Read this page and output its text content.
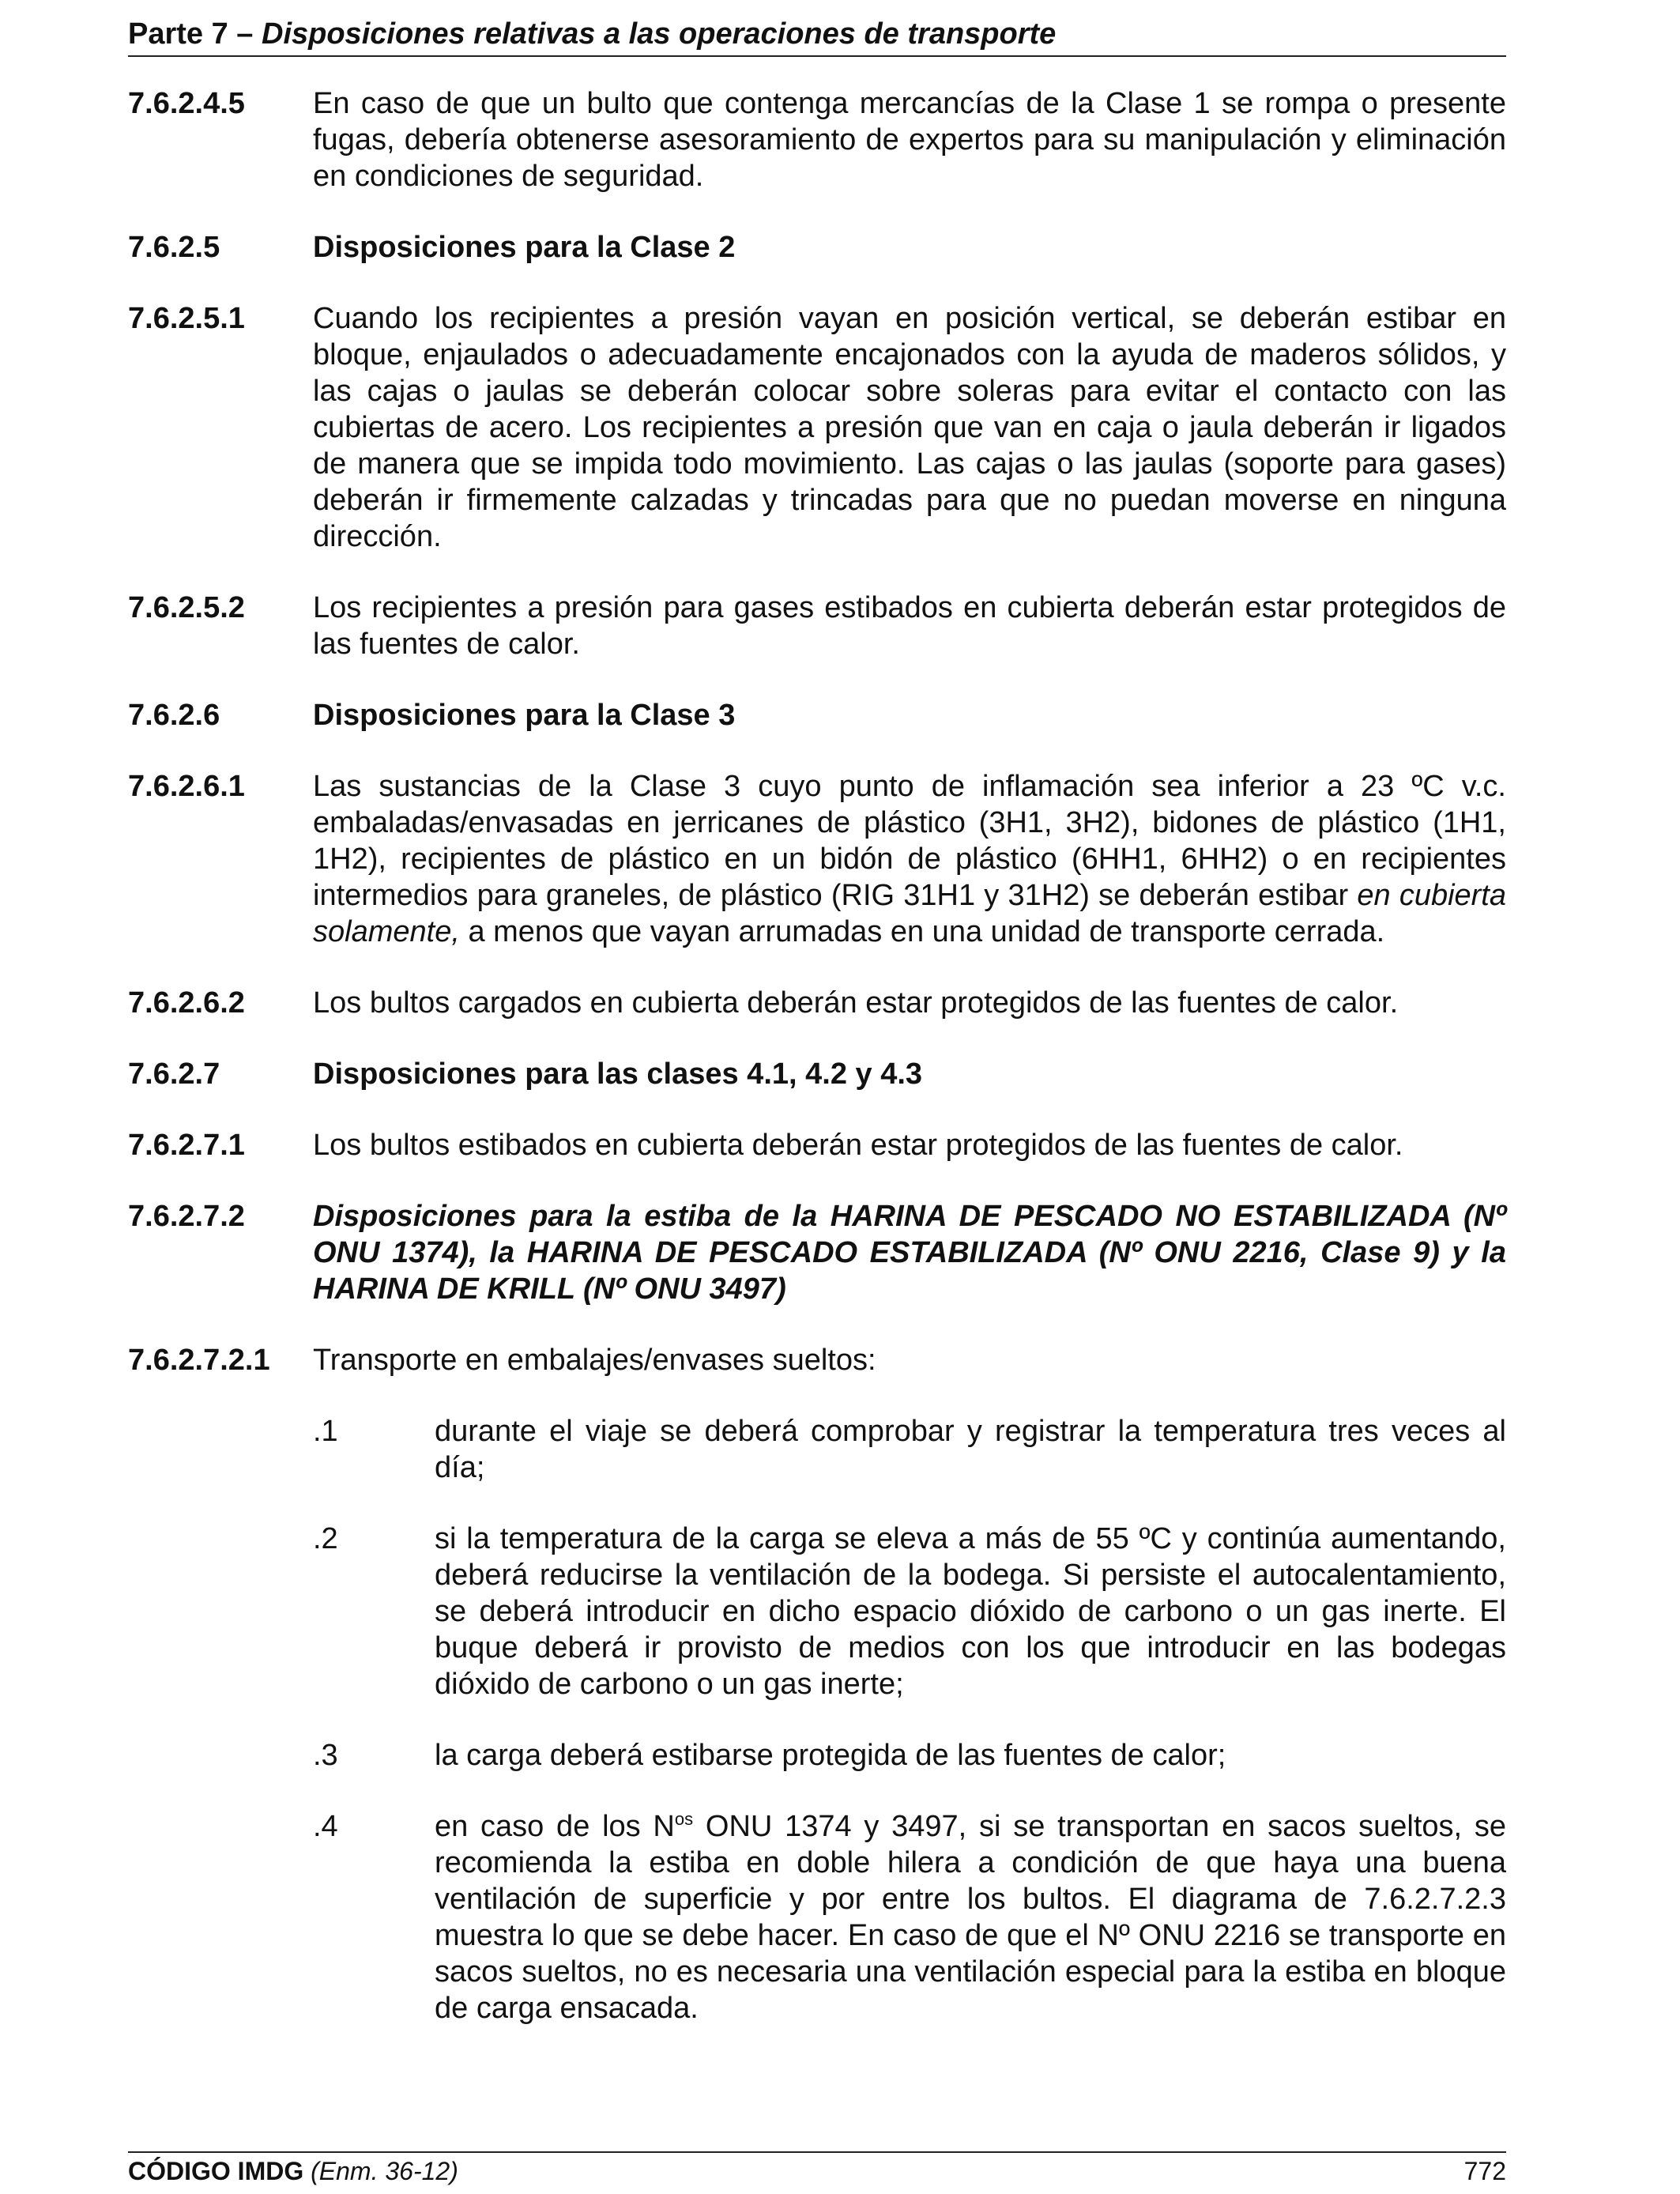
Parte 7 – Disposiciones relativas a las operaciones de transporte
7.6.2.4.5	En caso de que un bulto que contenga mercancías de la Clase 1 se rompa o presente fugas, debería obtenerse asesoramiento de expertos para su manipulación y eliminación en condiciones de seguridad.
7.6.2.5	Disposiciones para la Clase 2
7.6.2.5.1	Cuando los recipientes a presión vayan en posición vertical, se deberán estibar en bloque, enjaulados o adecuadamente encajonados con la ayuda de maderos sólidos, y las cajas o jaulas se deberán colocar sobre soleras para evitar el contacto con las cubiertas de acero. Los recipientes a presión que van en caja o jaula deberán ir ligados de manera que se impida todo movimiento. Las cajas o las jaulas (soporte para gases) deberán ir firmemente calzadas y trincadas para que no puedan moverse en ninguna dirección.
7.6.2.5.2	Los recipientes a presión para gases estibados en cubierta deberán estar protegidos de las fuentes de calor.
7.6.2.6	Disposiciones para la Clase 3
7.6.2.6.1	Las sustancias de la Clase 3 cuyo punto de inflamación sea inferior a 23 ºC v.c. embaladas/envasadas en jerricanes de plástico (3H1, 3H2), bidones de plástico (1H1, 1H2), recipientes de plástico en un bidón de plástico (6HH1, 6HH2) o en recipientes intermedios para graneles, de plástico (RIG 31H1 y 31H2) se deberán estibar en cubierta solamente, a menos que vayan arrumadas en una unidad de transporte cerrada.
7.6.2.6.2	Los bultos cargados en cubierta deberán estar protegidos de las fuentes de calor.
7.6.2.7	Disposiciones para las clases 4.1, 4.2 y 4.3
7.6.2.7.1	Los bultos estibados en cubierta deberán estar protegidos de las fuentes de calor.
7.6.2.7.2	Disposiciones para la estiba de la HARINA DE PESCADO NO ESTABILIZADA (Nº ONU 1374), la HARINA DE PESCADO ESTABILIZADA (Nº ONU 2216, Clase 9) y la HARINA DE KRILL (Nº ONU 3497)
7.6.2.7.2.1	Transporte en embalajes/envases sueltos:
.1	durante el viaje se deberá comprobar y registrar la temperatura tres veces al día;
.2	si la temperatura de la carga se eleva a más de 55 ºC y continúa aumentando, deberá reducirse la ventilación de la bodega. Si persiste el autocalentamiento, se deberá introducir en dicho espacio dióxido de carbono o un gas inerte. El buque deberá ir provisto de medios con los que introducir en las bodegas dióxido de carbono o un gas inerte;
.3	la carga deberá estibarse protegida de las fuentes de calor;
.4	en caso de los $N^{os}$ ONU 1374 y 3497, si se transportan en sacos sueltos, se recomienda la estiba en doble hilera a condición de que haya una buena ventilación de superficie y por entre los bultos. El diagrama de 7.6.2.7.2.3 muestra lo que se debe hacer. En caso de que el Nº ONU 2216 se transporte en sacos sueltos, no es necesaria una ventilación especial para la estiba en bloque de carga ensacada.
CÓDIGO IMDG (Enm. 36-12)	772
